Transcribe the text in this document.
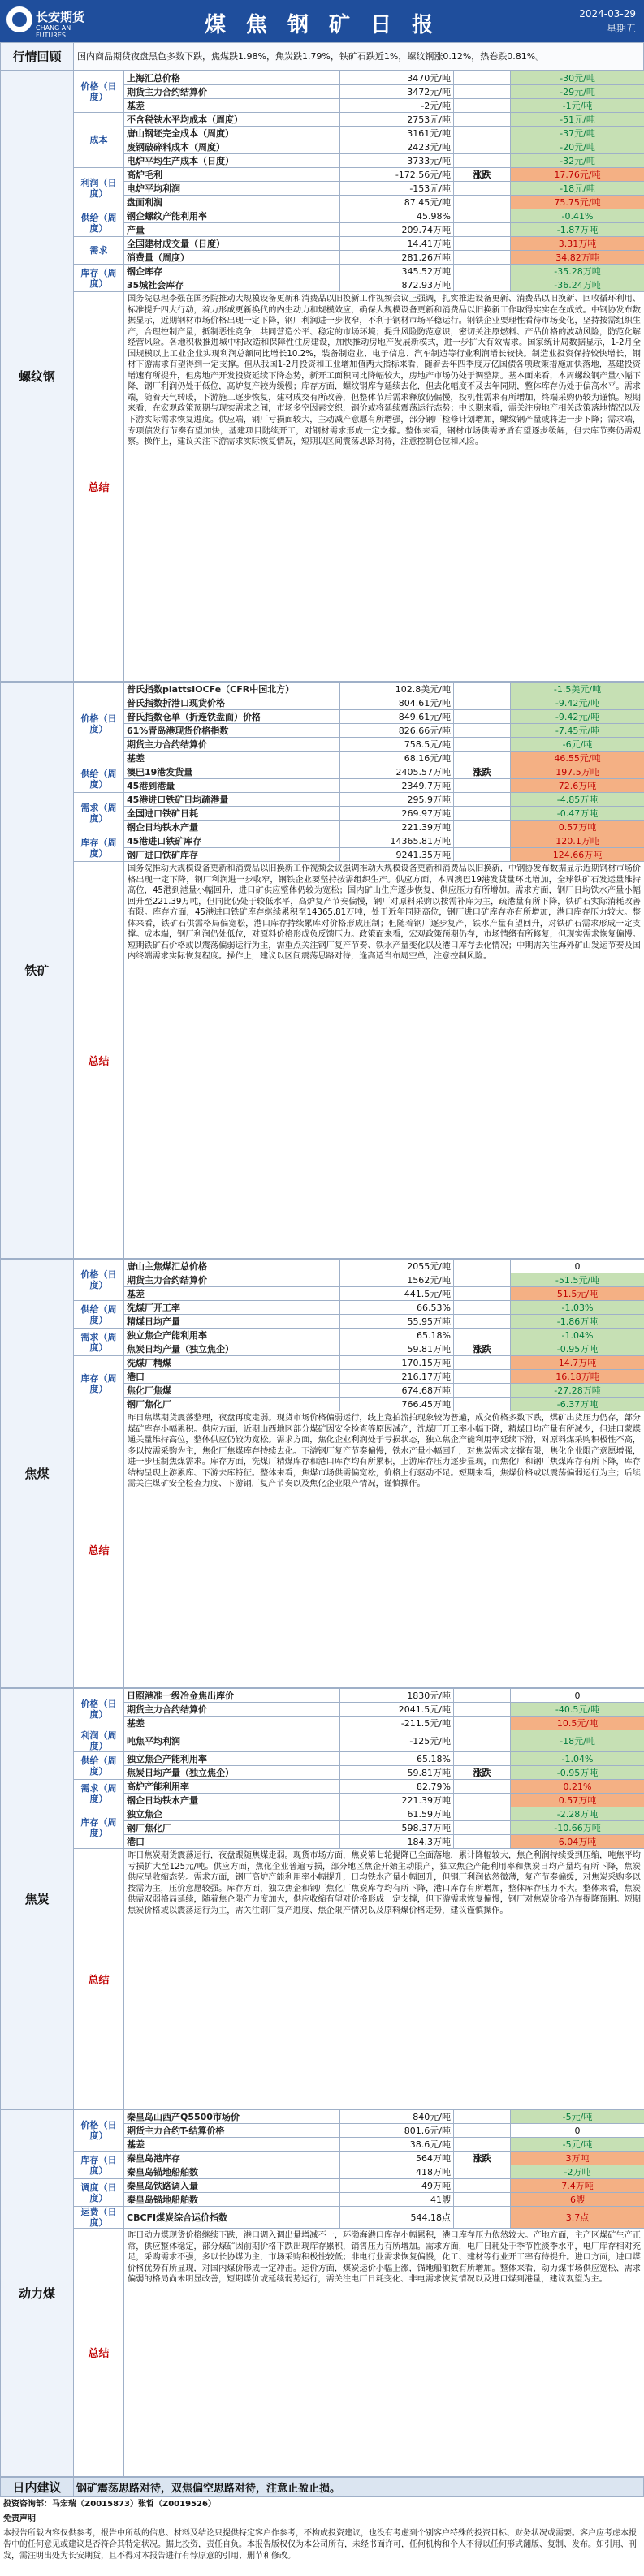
长安期货
CHANG AN FUTURES	煤 焦 钢 矿 日 报	2024-03-29
星期五
行情回顾	国内商品期货夜盘黑色多数下跌，焦煤跌1.98%，焦炭跌1.79%，铁矿石跌近1%，螺纹钢涨0.12%，热卷跌0.81%。
螺纹钢	价格（日度）	上海汇总价格	3470元/吨		-30元/吨
		期货主力合约结算价	3472元/吨		-29元/吨
		基差	-2元/吨		-1元/吨
	成本	不含税铁水平均成本（周度）	2753元/吨		-51元/吨
		唐山钢坯完全成本（周度）	3161元/吨		-37元/吨
		废钢破碎料成本（周度）	2423元/吨		-20元/吨
		电炉平均生产成本（日度）	3733元/吨		-32元/吨
	利润（日度）	高炉毛利	-172.56元/吨	涨跌	17.76元/吨
		电炉平均利润	-153元/吨		-18元/吨
		盘面利润	87.45元/吨		75.75元/吨
	供给（周度）	钢企螺纹产能利用率	45.98%		-0.41%
		产量	209.74万吨		-1.87万吨
	需求	全国建材成交量（日度）	14.41万吨		3.31万吨
		消费量（周度）	281.26万吨		34.82万吨
	库存（周度）	钢企库存	345.52万吨		-35.28万吨
		35城社会库存	872.93万吨		-36.24万吨
	总结	国务院总理李强在国务院推动大规模设备更新和消费品以旧换新工作视频会议上强调，扎实推进设备更新、消费品以旧换新、回收循环利用、标准提升四大行动，着力形成更新换代的内生动力和规模效应，确保大规模设备更新和消费品以旧换新工作取得实实在在成效。中钢协发布数据显示，近期钢材市场价格出现一定下降，钢厂利润进一步收窄，不利于钢材市场平稳运行。钢铁企业要理性看待市场变化，坚持按需组织生产，合理控制产量，抵制恶性竞争，共同营造公平、稳定的市场环境；提升风险防范意识，密切关注原燃料、产品价格的波动风险，防范化解经营风险。各地积极推进城中村改造和保障性住房建设，加快推动房地产发展新模式，进一步扩大有效需求。国家统计局数据显示，1-2月全国规模以上工业企业实现利润总额同比增长10.2%，装备制造业、电子信息、汽车制造等行业利润增长较快。制造业投资保持较快增长，钢材下游需求有望得到一定支撑。但从我国1-2月投资和工业增加值两大指标来看，随着去年四季度万亿国债各项政策措施加快落地，基建投资增速有所提升，但房地产开发投资延续下降态势，新开工面积同比降幅较大，房地产市场仍处于调整期。基本面来看，本周螺纹钢产量小幅下降，钢厂利润仍处于低位，高炉复产较为缓慢；库存方面，螺纹钢库存延续去化，但去化幅度不及去年同期，整体库存仍处于偏高水平。需求端，随着天气转暖，下游施工逐步恢复，建材成交有所改善，但整体节后需求释放仍偏慢，投机性需求有所增加，终端采购仍较为谨慎。短期来看，在宏观政策预期与现实需求之间，市场多空因素交织，钢价或将延续震荡运行态势；中长期来看，需关注房地产相关政策落地情况以及下游实际需求恢复进度。供应端，钢厂亏损面较大，主动减产意愿有所增强，部分钢厂检修计划增加，螺纹钢产量或将进一步下降；需求端，专项债发行节奏有望加快，基建项目陆续开工，对钢材需求形成一定支撑。整体来看，钢材市场供需矛盾有望逐步缓解，但去库节奏仍需观察。操作上，建议关注下游需求实际恢复情况，短期以区间震荡思路对待，注意控制仓位和风险。			
铁矿	价格（日度）	普氏指数plattsIOCFe（CFR中国北方）	102.8美元/吨		-1.5美元/吨
		普氏指数折港口现货价格	804.61元/吨		-9.42元/吨
		普氏指数仓单（折连铁盘面）价格	849.61元/吨		-9.42元/吨
		61%青岛港现货价格指数	826.66元/吨		-7.45元/吨
		期货主力合约结算价	758.5元/吨		-6元/吨
		基差	68.16元/吨		46.55元/吨
	供给（周度）	澳巴19港发货量	2405.57万吨	涨跌	197.5万吨
		45港到港量	2349.7万吨		72.6万吨
	需求（周度）	45港进口铁矿日均疏港量	295.9万吨		-4.85万吨
		全国进口铁矿日耗	269.97万吨		-0.47万吨
		钢企日均铁水产量	221.39万吨		0.57万吨
	库存（周度）	45港进口铁矿库存	14365.81万吨		120.1万吨
		钢厂进口铁矿库存	9241.35万吨		124.66万吨
	总结	国务院推动大规模设备更新和消费品以旧换新工作视频会议强调推动大规模设备更新和消费品以旧换新，中钢协发布数据显示近期钢材市场价格出现一定下降，钢厂利润进一步收窄，钢铁企业要坚持按需组织生产。供应方面，本周澳巴19港发货量环比增加，全球铁矿石发运量维持高位，45港到港量小幅回升，进口矿供应整体仍较为宽松；国内矿山生产逐步恢复，供应压力有所增加。需求方面，钢厂日均铁水产量小幅回升至221.39万吨，但同比仍处于较低水平，高炉复产节奏偏慢，钢厂对原料采购以按需补库为主，疏港量有所下降，铁矿石实际消耗改善有限。库存方面，45港进口铁矿库存继续累积至14365.81万吨，处于近年同期高位，钢厂进口矿库存亦有所增加，港口库存压力较大。整体来看，铁矿石供需格局偏宽松，港口库存持续累库对价格形成压制；但随着钢厂逐步复产，铁水产量有望回升，对铁矿石需求形成一定支撑。成本端，钢厂利润仍处低位，对原料价格形成负反馈压力。政策面来看，宏观政策预期仍存，市场情绪有所修复，但现实需求恢复偏慢。短期铁矿石价格或以震荡偏弱运行为主，需重点关注钢厂复产节奏、铁水产量变化以及港口库存去化情况；中期需关注海外矿山发运节奏及国内终端需求实际恢复程度。操作上，建议以区间震荡思路对待，逢高适当布局空单，注意控制风险。			
焦煤	价格（日度）	唐山主焦煤汇总价格	2055元/吨		0
		期货主力合约结算价	1562元/吨		-51.5元/吨
		基差	441.5元/吨		51.5元/吨
	供给（周度）	洗煤厂开工率	66.53%		-1.03%
		精煤日均产量	55.95万吨		-1.86万吨
	需求（周度）	独立焦企产能利用率	65.18%		-1.04%
		焦炭日均产量（独立焦企）	59.81万吨	涨跌	-0.95万吨
	库存（周度）	洗煤厂精煤	170.15万吨		14.7万吨
		港口	216.17万吨		16.18万吨
		焦化厂焦煤	674.68万吨		-27.28万吨
		钢厂焦化厂	766.45万吨		-6.37万吨
	总结	昨日焦煤期货震荡整理，夜盘再度走弱。现货市场价格偏弱运行，线上竞拍流拍现象较为普遍，成交价格多数下跌，煤矿出货压力仍存，部分煤矿库存小幅累积。供应方面，近期山西地区部分煤矿因安全检查等原因减产，洗煤厂开工率小幅下降，精煤日均产量有所减少，但进口蒙煤通关量维持高位，整体供应仍较为宽松。需求方面，焦化企业利润处于亏损状态，独立焦企产能利用率延续下滑，对原料煤采购积极性不高，多以按需采购为主，焦化厂焦煤库存持续去化。下游钢厂复产节奏偏慢，铁水产量小幅回升，对焦炭需求支撑有限，焦化企业限产意愿增强，进一步压制焦煤需求。库存方面，洗煤厂精煤库存和港口库存均有所累积，上游库存压力逐步显现，而焦化厂和钢厂焦煤库存有所下降，库存结构呈现上游累库、下游去库特征。整体来看，焦煤市场供需偏宽松，价格上行驱动不足。短期来看，焦煤价格或以震荡偏弱运行为主；后续需关注煤矿安全检查力度、下游钢厂复产节奏以及焦化企业限产情况，谨慎操作。			
焦炭	价格（日度）	日照港准一级冶金焦出库价	1830元/吨		0
		期货主力合约结算价	2041.5元/吨		-40.5元/吨
		基差	-211.5元/吨		10.5元/吨
	利润（周度）	吨焦平均利润	-125元/吨		-18元/吨
	供给（周度）	独立焦企产能利用率	65.18%		-1.04%
		焦炭日均产量（独立焦企）	59.81万吨	涨跌	-0.95万吨
	需求（周度）	高炉产能利用率	82.79%		0.21%
		钢企日均铁水产量	221.39万吨		0.57万吨
	库存（周度）	独立焦企	61.59万吨		-2.28万吨
		钢厂焦化厂	598.37万吨		-10.66万吨
		港口	184.3万吨		6.04万吨
	总结	昨日焦炭期货震荡运行，夜盘跟随焦煤走弱。现货市场方面，焦炭第七轮提降已全面落地，累计降幅较大，焦企利润持续受到压缩，吨焦平均亏损扩大至125元/吨。供应方面，焦化企业普遍亏损，部分地区焦企开始主动限产，独立焦企产能利用率和焦炭日均产量均有所下降，焦炭供应呈收缩态势。需求方面，钢厂高炉产能利用率小幅提升，日均铁水产量小幅回升，但钢厂利润依然微薄，复产节奏偏缓，对焦炭采购多以按需为主，压价意愿较强。库存方面，独立焦企和钢厂焦化厂焦炭库存均有所下降，港口库存有所增加，整体库存压力不大。整体来看，焦炭供需双弱格局延续，随着焦企限产力度加大，供应收缩有望对价格形成一定支撑，但下游需求恢复偏慢，钢厂对焦炭价格仍存提降预期。短期焦炭价格或以震荡运行为主，需关注钢厂复产进度、焦企限产情况以及原料煤价格走势，建议谨慎操作。			
动力煤	价格（日度）	秦皇岛山西产Q5500市场价	840元/吨		-5元/吨
		期货主力合约T-结算价格	801.6元/吨		0
		基差	38.6元/吨		-5元/吨
	库存（日度）	秦皇岛港库存	564万吨	涨跌	3万吨
		秦皇岛锚地船舶数	418万吨		-2万吨
	调度（日度）	秦皇岛铁路调入量	49万吨		7.4万吨
		秦皇岛锚地船舶数	41艘		6艘
	运费（日度）	CBCFI煤炭综合运价指数	544.18点		3.7点
	总结	昨日动力煤现货价格继续下跌，港口调入调出量增减不一，环渤海港口库存小幅累积，港口库存压力依然较大。产地方面，主产区煤矿生产正常，供应整体稳定，部分煤矿因前期价格下跌出现库存累积，销售压力有所增加。需求方面，电厂日耗处于季节性淡季水平，电厂库存相对充足，采购需求不强，多以长协煤为主，市场采购积极性较低；非电行业需求恢复偏慢，化工、建材等行业开工率有待提升。进口方面，进口煤价格优势有所显现，对国内煤价形成一定冲击。运价方面，煤炭运价小幅上涨，锚地船舶数有所增加。整体来看，动力煤市场供应宽松、需求偏弱的格局尚未明显改善，短期煤价或延续弱势运行，需关注电厂日耗变化、非电需求恢复情况以及进口煤到港量，建议观望为主。			
日内建议	钢矿震荡思路对待，双焦偏空思路对待，注意止盈止损。
投资咨询部：马宏瑞（Z0015873）张哲（Z0019526）
免责声明
本报告所载内容仅供参考，报告中所载的信息、材料及结论只提供特定客户作参考，不构成投资建议，也没有考虑到个别客户特殊的投资目标、财务状况或需要。客户应考虑本报告中的任何意见或建议是否符合其特定状况。据此投资，责任自负。本报告版权仅为本公司所有，未经书面许可，任何机构和个人不得以任何形式翻版、复制、发布。如引用、刊发，需注明出处为长安期货，且不得对本报告进行有悖原意的引用、删节和修改。
